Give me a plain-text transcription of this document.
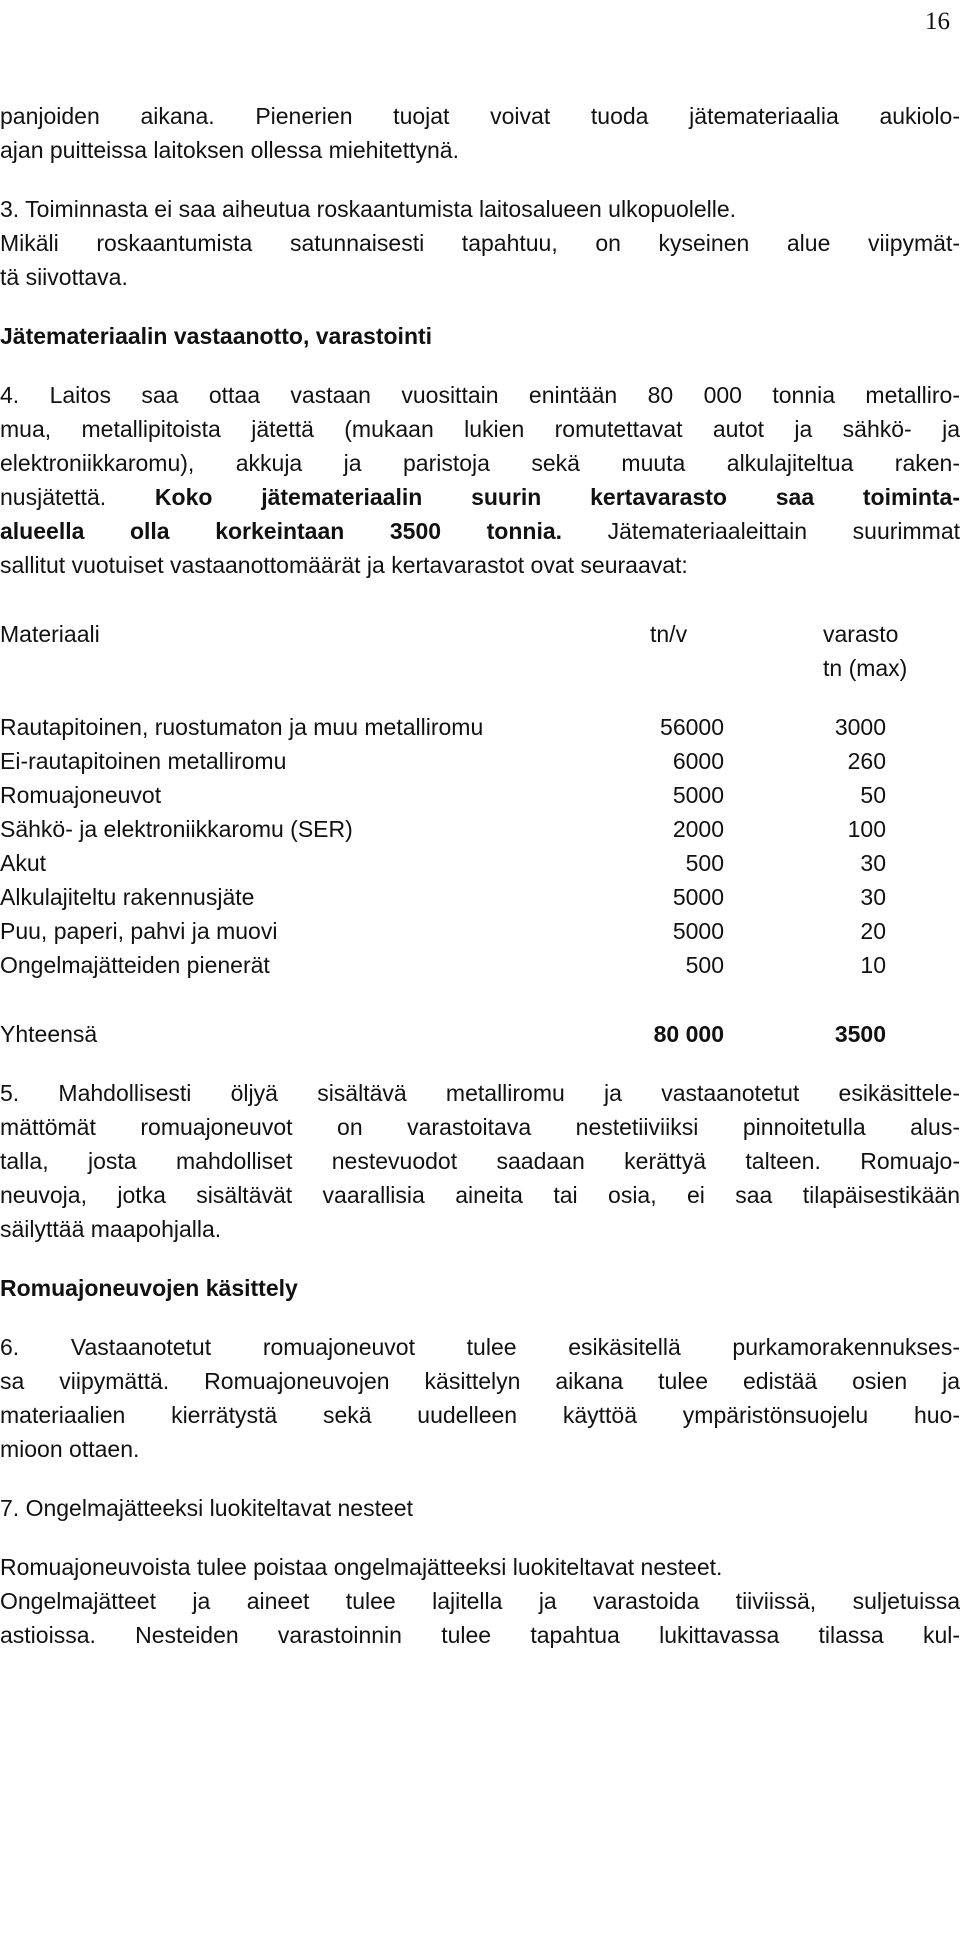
16
panjoiden aikana. Pienerien tuojat voivat tuoda jätemateriaalia aukiolo-
ajan puitteissa laitoksen ollessa miehitettynä.
3. Toiminnasta ei saa aiheutua roskaantumista laitosalueen ulkopuolelle.
Mikäli roskaantumista satunnaisesti tapahtuu, on kyseinen alue viipymät-
tä siivottava.
Jätemateriaalin vastaanotto, varastointi
4. Laitos saa ottaa vastaan vuosittain enintään 80 000 tonnia metalliro-
mua, metallipitoista jätettä (mukaan lukien romutettavat autot ja sähkö- ja
elektroniikkaromu), akkuja ja paristoja sekä muuta alkulajiteltua raken-
nusjätettä. Koko jätemateriaalin suurin kertavarasto saa toiminta-
alueella olla korkeintaan 3500 tonnia. Jätemateriaaleittain suurimmat
sallitut vuotuiset vastaanottomäärät ja kertavarastot ovat seuraavat:
Materiaali	tn/v	varasto
tn (max)
Rautapitoinen, ruostumaton ja muu metalliromu	56000	3000
Ei-rautapitoinen metalliromu	6000	260
Romuajoneuvot	5000	50
Sähkö- ja elektroniikkaromu (SER)	2000	100
Akut	500	30
Alkulajiteltu rakennusjäte	5000	30
Puu, paperi, pahvi ja muovi	5000	20
Ongelmajätteiden pienerät	500	10
Yhteensä	80 000	3500
5. Mahdollisesti öljyä sisältävä metalliromu ja vastaanotetut esikäsittele-
mättömät romuajoneuvot on varastoitava nestetiiviiksi pinnoitetulla alus-
talla, josta mahdolliset nestevuodot saadaan kerättyä talteen. Romuajo-
neuvoja, jotka sisältävät vaarallisia aineita tai osia, ei saa tilapäisestikään
säilyttää maapohjalla.
Romuajoneuvojen käsittely
6. Vastaanotetut romuajoneuvot tulee esikäsitellä purkamorakennukses-
sa viipymättä. Romuajoneuvojen käsittelyn aikana tulee edistää osien ja
materiaalien kierrätystä sekä uudelleen käyttöä ympäristönsuojelu huo-
mioon ottaen.
7. Ongelmajätteeksi luokiteltavat nesteet
Romuajoneuvoista tulee poistaa ongelmajätteeksi luokiteltavat nesteet.
Ongelmajätteet ja aineet tulee lajitella ja varastoida tiiviissä, suljetuissa
astioissa. Nesteiden varastoinnin tulee tapahtua lukittavassa tilassa kul-
